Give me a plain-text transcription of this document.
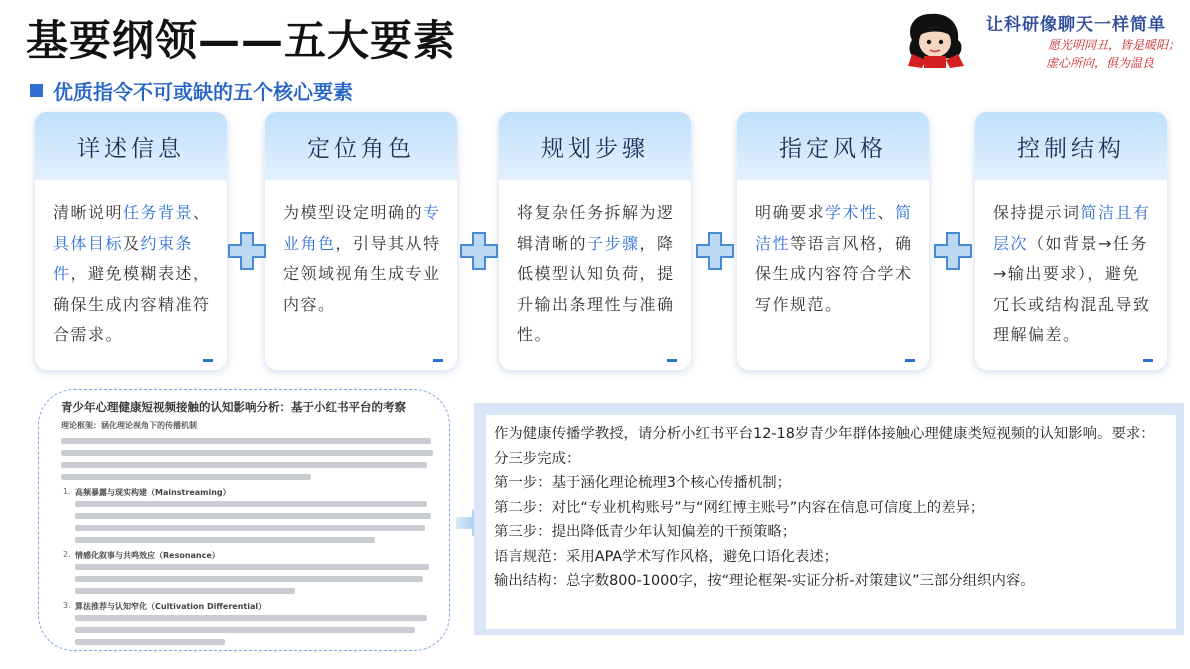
基要纲领——五大要素
优质指令不可或缺的五个核心要素
让科研像聊天一样简单
愿光明同丑，皆是暖阳；
虚心所向，俱为温良
详述信息
清晰说明任务背景、具体目标及约束条件，避免模糊表述，确保生成内容精准符合需求。
定位角色
为模型设定明确的专业角色，引导其从特定领域视角生成专业内容。
规划步骤
将复杂任务拆解为逻辑清晰的子步骤，降低模型认知负荷，提升输出条理性与准确性。
指定风格
明确要求学术性、简洁性等语言风格，确保生成内容符合学术写作规范。
控制结构
保持提示词简洁且有层次（如背景→任务→输出要求），避免冗长或结构混乱导致理解偏差。
青少年心理健康短视频接触的认知影响分析：基于小红书平台的考察
理论框架：涵化理论视角下的传播机制
1. 高频暴露与现实构建（Mainstreaming）
2. 情感化叙事与共鸣效应（Resonance）
3. 算法推荐与认知窄化（Cultivation Differential）
作为健康传播学教授，请分析小红书平台12-18岁青少年群体接触心理健康类短视频的认知影响。要求：
分三步完成：
第一步：基于涵化理论梳理3个核心传播机制；
第二步：对比“专业机构账号”与“网红博主账号”内容在信息可信度上的差异；
第三步：提出降低青少年认知偏差的干预策略；
语言规范：采用APA学术写作风格，避免口语化表述；
输出结构：总字数800-1000字，按“理论框架-实证分析-对策建议”三部分组织内容。
